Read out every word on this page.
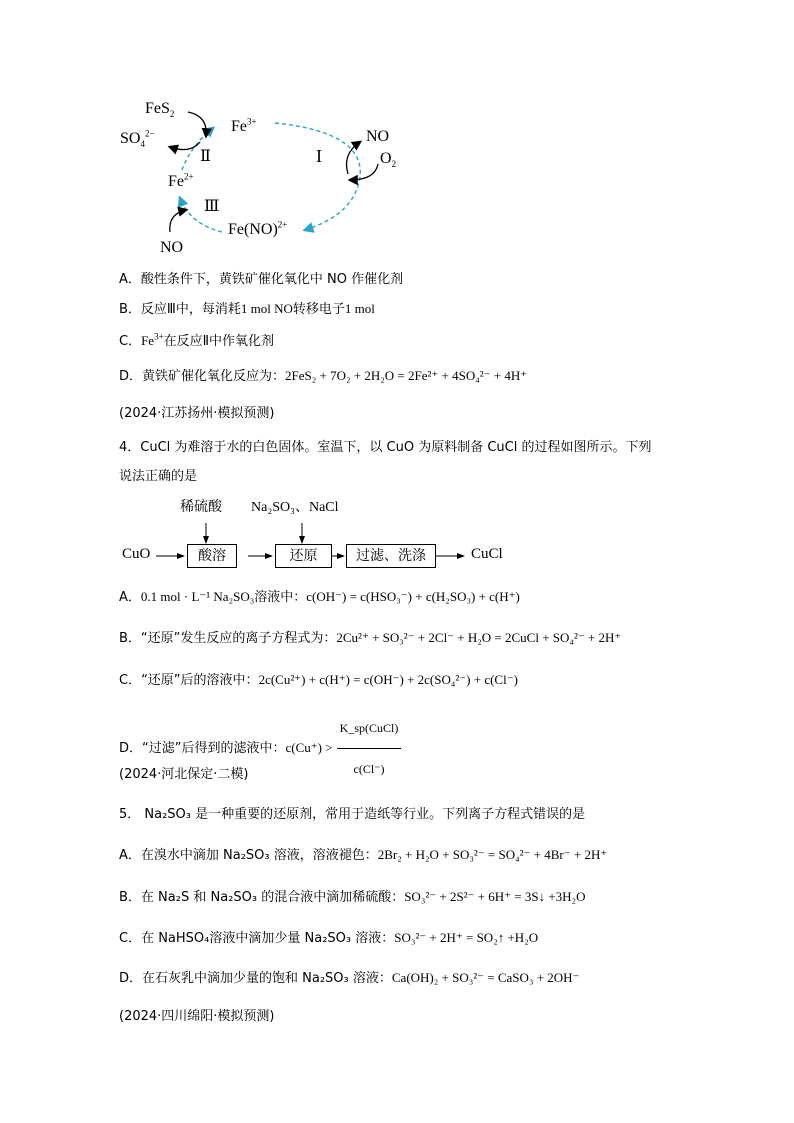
FeS$_2$
$SO_4^{2-}$	$Fe^{3+}$
Ⅱ	I
NO
$O_2$
$Fe^{2+}$
Ⅲ
Fe(NO)$^{2+}$
NO
A．酸性条件下，黄铁矿催化氧化中 NO 作催化剂
B．反应Ⅲ中，每消耗1 mol NO转移电子1 mol
C．$Fe^{3+}$在反应Ⅱ中作氧化剂
D．黄铁矿催化氧化反应为：2FeS₂ + 7O₂ + 2H₂O = 2Fe²⁺ + 4SO₄²⁻ + 4H⁺
(2024·江苏扬州·模拟预测)
4．CuCl 为难溶于水的白色固体。室温下，以 CuO 为原料制备 CuCl 的过程如图所示。下列
说法正确的是
稀硫酸 Na₂SO₃、NaCl
CuO	酸溶	还原	过滤、洗涤	CuCl
A．0.1 mol · L⁻¹ Na₂SO₃溶液中：c(OH⁻) = c(HSO₃⁻) + c(H₂SO₃) + c(H⁺)
B．“还原”发生反应的离子方程式为：2Cu²⁺ + SO₃²⁻ + 2Cl⁻ + H₂O = 2CuCl + SO₄²⁻ + 2H⁺
C．“还原”后的溶液中：2c(Cu²⁺) + c(H⁺) = c(OH⁻) + 2c(SO₄²⁻) + c(Cl⁻)
D．“过滤”后得到的滤液中：$c(Cu^+) > \frac{\text{K\_sp(CuCl)}}{c(Cl^-)}$
(2024·河北保定·二模)
5． Na₂SO₃ 是一种重要的还原剂，常用于造纸等行业。下列离子方程式错误的是
A．在溴水中滴加 Na₂SO₃ 溶液，溶液褪色：2Br₂ + H₂O + SO₃²⁻ = SO₄²⁻ + 4Br⁻ + 2H⁺
B．在 Na₂S 和 Na₂SO₃ 的混合液中滴加稀硫酸：SO₃²⁻ + 2S²⁻ + 6H⁺ = 3S↓ +3H₂O
C．在 NaHSO₄溶液中滴加少量 Na₂SO₃ 溶液：SO₃²⁻ + 2H⁺ = SO₂↑ +H₂O
D．在石灰乳中滴加少量的饱和 Na₂SO₃ 溶液：Ca(OH)₂ + SO₃²⁻ = CaSO₃ + 2OH⁻
(2024·四川绵阳·模拟预测)
